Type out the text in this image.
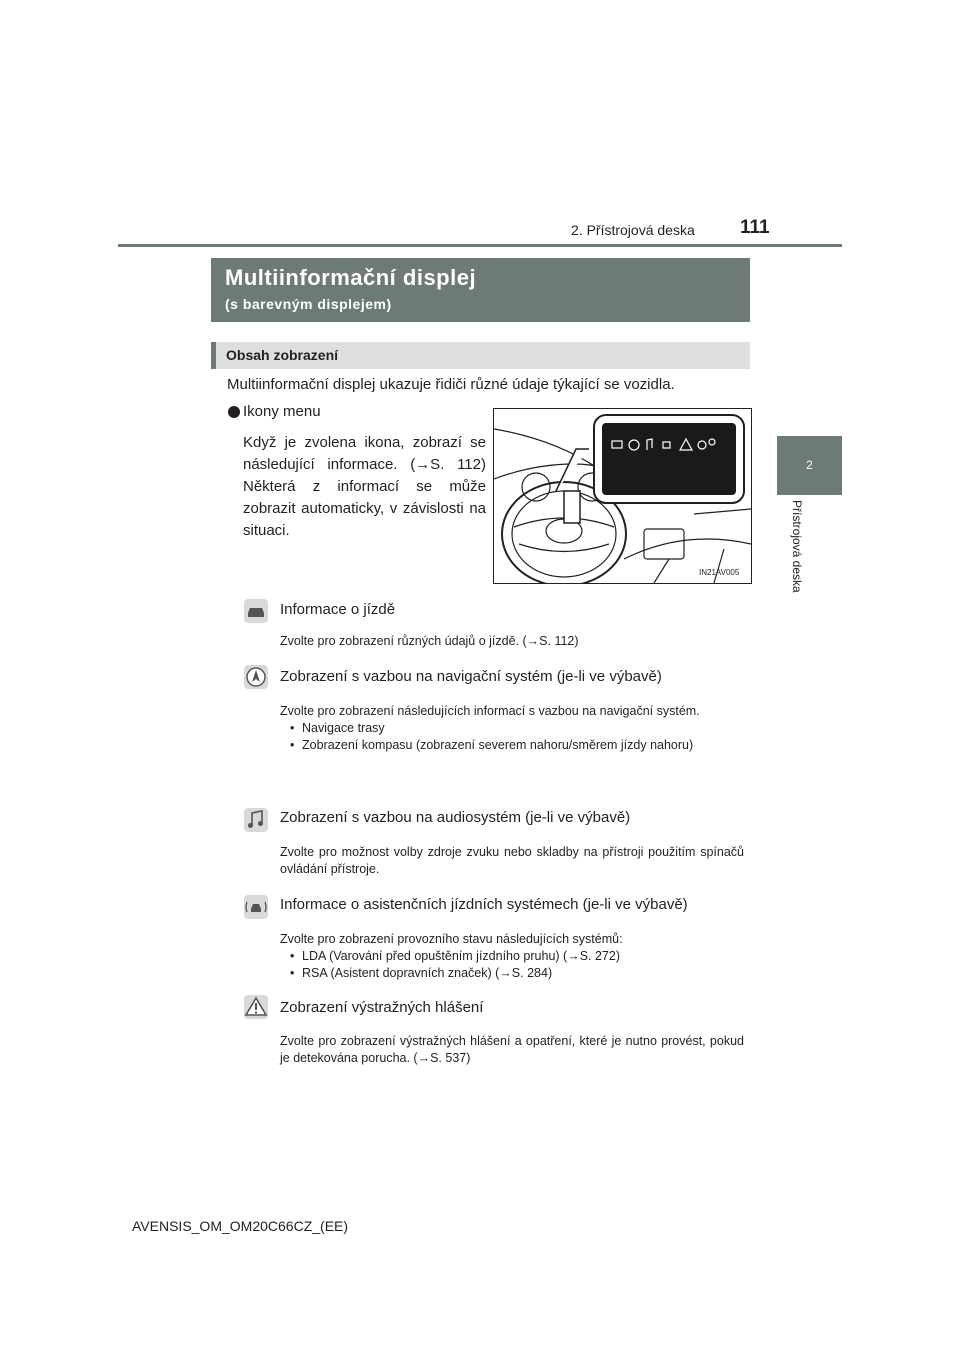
2. Přístrojová deska 111
2
Přístrojová deska
Multiinformační displej
(s barevným displejem)
Obsah zobrazení
Multiinformační displej ukazuje řidiči různé údaje týkající se vozidla.
Ikony menu
Když je zvolena ikona, zobrazí se následující informace. (→S. 112) Některá z informací se může zobrazit automaticky, v závislosti na situaci.
IN21AV005
Informace o jízdě
Zvolte pro zobrazení různých údajů o jízdě. (→S. 112)
Zobrazení s vazbou na navigační systém (je-li ve výbavě)
Zvolte pro zobrazení následujících informací s vazbou na navigační systém.
• Navigace trasy
• Zobrazení kompasu (zobrazení severem nahoru/směrem jízdy nahoru)
Zobrazení s vazbou na audiosystém (je-li ve výbavě)
Zvolte pro možnost volby zdroje zvuku nebo skladby na přístroji použitím spínačů ovládání přístroje.
Informace o asistenčních jízdních systémech (je-li ve výbavě)
Zvolte pro zobrazení provozního stavu následujících systémů:
• LDA (Varování před opuštěním jízdního pruhu) (→S. 272)
• RSA (Asistent dopravních značek) (→S. 284)
Zobrazení výstražných hlášení
Zvolte pro zobrazení výstražných hlášení a opatření, které je nutno provést, pokud je detekována porucha. (→S. 537)
AVENSIS_OM_OM20C66CZ_(EE)
